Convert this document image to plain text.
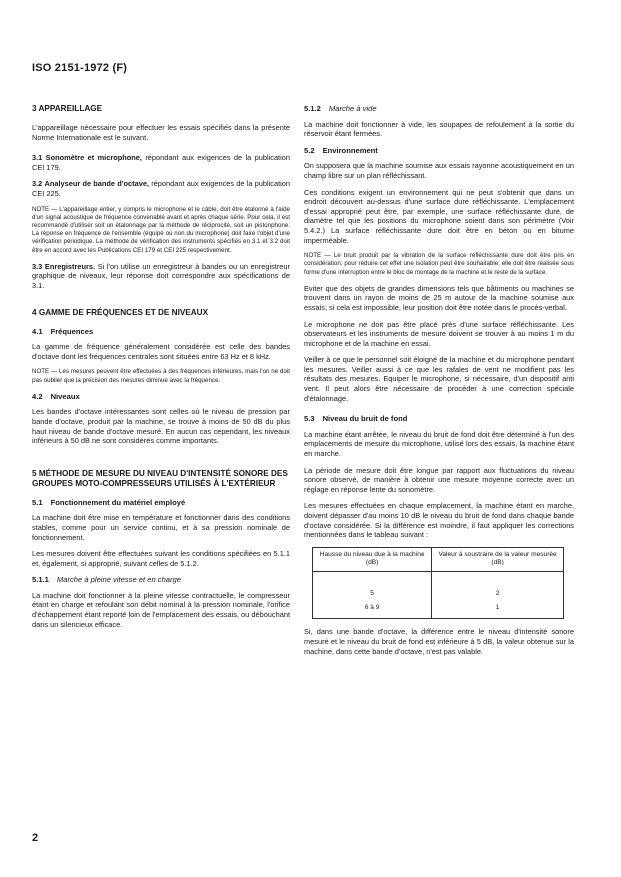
ISO 2151-1972 (F)
3 APPAREILLAGE

L'appareillage nécessaire pour effectuer les essais spécifiés dans la présente Norme Internationale est le suivant.

3.1 Sonomètre et microphone, répondant aux exigences de la publication CEI 179.

3.2 Analyseur de bande d'octave, répondant aux exigences de la publication CEI 225.

NOTE — L'appareillage entier, y compris le microphone et le câble, doit être étalonné à l'aide d'un signal acoustique de fréquence convenable avant et après chaque série. Pour cela, il est recommandé d'utiliser soit un étalonnage par la méthode de réciprocité, soit un pistonphone. La réponse en fréquence de l'ensemble (équipé ou non du microphone) doit faire l'objet d'une vérification périodique. La méthode de vérification des instruments spécifiés en 3.1 et 3.2 doit être en accord avec les Publications CEI 179 et CEI 225 respectivement.

3.3 Enregistreurs. Si l'on utilise un enregistreur à bandes ou un enregistreur graphique de niveaux, leur réponse doit correspondre aux spécifications de 3.1.

4 GAMME DE FRÉQUENCES ET DE NIVEAUX
4.1 Fréquences

La gamme de fréquence généralement considérée est celle des bandes d'octave dont les fréquences centrales sont situées entre 63 Hz et 8 kHz.

NOTE — Les mesures peuvent être effectuées à des fréquences inférieures, mais l'on ne doit pas oublier que la précision des mesures diminue avec la fréquence.
4.2 Niveaux

Les bandes d'octave intéressantes sont celles où le niveau de pression par bande d'octave, produit par la machine, se trouve à moins de 50 dB du plus haut niveau de bande d'octave mesuré. En aucun cas cependant, les niveaux inférieurs à 50 dB ne sont considérés comme importants.

5 MÉTHODE DE MESURE DU NIVEAU D'INTENSITÉ SONORE DES GROUPES MOTO-COMPRESSEURS UTILISÉS À L'EXTÉRIEUR
5.1 Fonctionnement du matériel employé

La machine doit être mise en température et fonctionner dans des conditions stables, comme pour un service continu, et à sa pression nominale de fonctionnement.

Les mesures doivent être effectuées suivant les conditions spécifiées en 5.1.1 et, également, si approprié, suivant celles de 5.1.2.

5.1.1 Marche à pleine vitesse et en charge

La machine doit fonctionner à la pleine vitesse contractuelle, le compresseur étant en charge et refoulant son débit nominal à la pression nominale, l'orifice d'échappement étant reporté loin de l'emplacement des essais, ou débouchant dans un silencieux efficace.

5.1.2 Marche à vide

La machine doit fonctionner à vide, les soupapes de refoulement à la sortie du réservoir étant fermées.

5.2 Environnement

On supposera que la machine soumise aux essais rayonne acoustiquement en un champ libre sur un plan réfléchissant.

Ces conditions exigent un environnement qui ne peut s'obtenir que dans un endroit découvert au-dessus d'une surface dure réfléchissante. L'emplacement d'essai approprié peut être, par exemple, une surface réfléchissante dure, de diamètre tel que les positions du microphone soient dans son périmètre (Voir 5.4.2.) La surface réfléchissante dure doit être en béton ou en bitume imperméable.

NOTE — Le bruit produit par la vibration de la surface réfléchissante dure doit être pris en considération: pour réduire cet effet une isolation peut être souhaitable; elle doit être réalisée sous forme d'une interruption entre le bloc de montage de la machine et le reste de la surface.

Eviter que des objets de grandes dimensions tels que bâtiments ou machines se trouvent dans un rayon de moins de 25 m autour de la machine soumise aux essais; si cela est impossible, leur position doit être notée dans le procès-verbal.

Le microphone ne doit pas être placé près d'une surface réfléchissante. Les observateurs et les instruments de mesure doivent se trouver à au moins 1 m du microphone et de la machine en essai.

Veiller à ce que le personnel soit éloigné de la machine et du microphone pendant les mesures. Veiller aussi à ce que les rafales de vent ne modifient pas les résultats des mesures. Equiper le microphone, si nécessaire, d'un dispositif anti vent. Il peut alors être nécessaire de procéder à une correction spéciale d'étalonnage.

5.3 Niveau du bruit de fond

La machine étant arrêtée, le niveau du bruit de fond doit être déterminé à l'un des emplacements de mesure du microphone, utilisé lors des essais, la machine étant en marche.

La période de mesure doit être longue par rapport aux fluctuations du niveau sonore observé, de manière à obtenir une mesure moyenne correcte avec un réglage en réponse lente du sonomètre.

Les mesures effectuées en chaque emplacement, la machine étant en marche, doivent dépasser d'au moins 10 dB le niveau du bruit de fond dans chaque bande d'octave considérée. Si la différence est moindre, il faut appliquer les corrections mentionnées dans le tableau suivant :

Hausse du niveau due à la machine (dB)	Valeur à soustraire de la valeur mesurée (dB)
5	2
6 à 9	1

Si, dans une bande d'octave, la différence entre le niveau d'intensité sonore mesuré et le niveau du bruit de fond est inférieure à 5 dB, la valeur obtenue sur la machine, dans cette bande d'octave, n'est pas valable.

2
